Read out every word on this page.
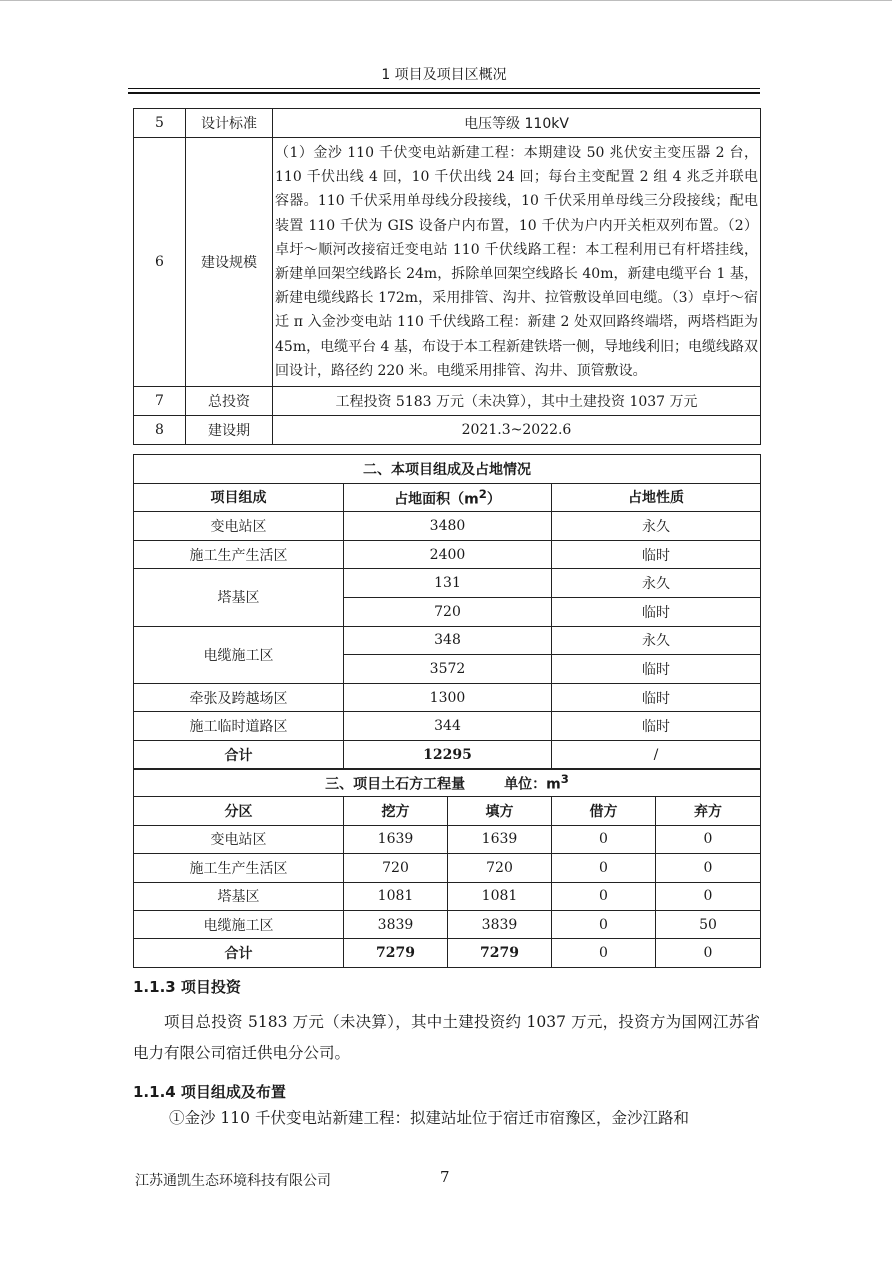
1 项目及项目区概况
5	设计标准	电压等级 110kV
6	建设规模	（1）金沙 110 千伏变电站新建工程：本期建设 50 兆伏安主变压器 2 台，110 千伏出线 4 回，10 千伏出线 24 回；每台主变配置 2 组 4 兆乏并联电容器。110 千伏采用单母线分段接线，10 千伏采用单母线三分段接线；配电装置 110 千伏为 GIS 设备户内布置，10 千伏为户内开关柜双列布置。（2）卓圩～顺河改接宿迁变电站 110 千伏线路工程：本工程利用已有杆塔挂线，新建单回架空线路长 24m，拆除单回架空线路长 40m，新建电缆平台 1 基，新建电缆线路长 172m，采用排管、沟井、拉管敷设单回电缆。（3）卓圩～宿迁 π 入金沙变电站 110 千伏线路工程：新建 2 处双回路终端塔，两塔档距为 45m，电缆平台 4 基，布设于本工程新建铁塔一侧，导地线利旧；电缆线路双回设计，路径约 220 米。电缆采用排管、沟井、顶管敷设。
7	总投资	工程投资 5183 万元（未决算），其中土建投资 1037 万元
8	建设期	2021.3~2022.6
二、本项目组成及占地情况		
项目组成	占地面积$(m^2)$	占地性质
变电站区	3480	永久
施工生产生活区	2400	临时
塔基区	131	永久
	720	临时
电缆施工区	348	永久
	3572	临时
牵张及跨越场区	1300	临时
施工临时道路区	344	临时
合计	12295	/
三、项目土石方工程量 单位：$m^3$
分区	挖方	填方	借方	弃方
变电站区	1639	1639	0	0
施工生产生活区	720	720	0	0
塔基区	1081	1081	0	0
电缆施工区	3839	3839	0	50
合计	7279	7279	0	0
1.1.3 项目投资
项目总投资 5183 万元（未决算），其中土建投资约 1037 万元，投资方为国网江苏省电力有限公司宿迁供电分公司。
1.1.4 项目组成及布置
①金沙 110 千伏变电站新建工程：拟建站址位于宿迁市宿豫区，金沙江路和
江苏通凯生态环境科技有限公司	7
